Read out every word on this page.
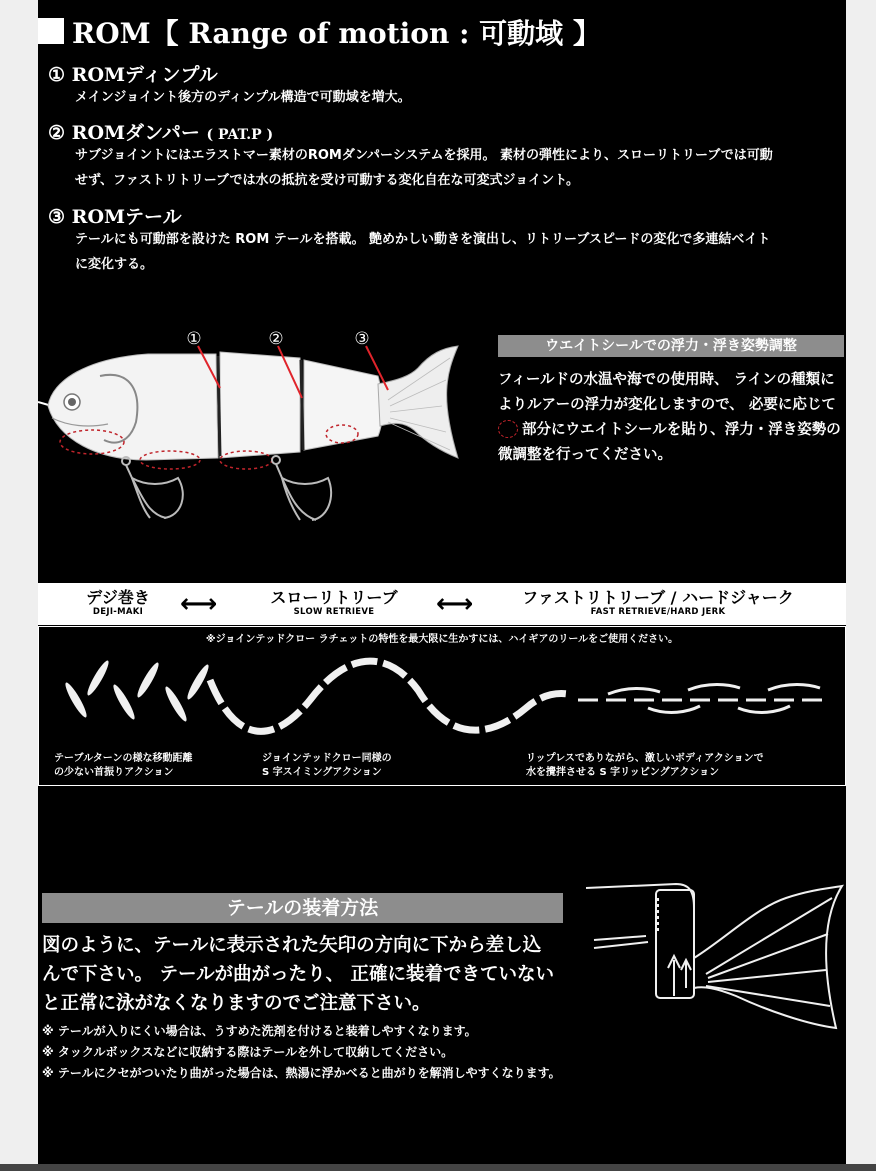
ROM【 Range of motion : 可動域 】
① ROMディンプル
メインジョイント後方のディンプル構造で可動域を増大。
② ROMダンパー ( PAT.P )
サブジョイントにはエラストマー素材のROMダンパーシステムを採用。 素材の弾性により、スローリトリーブでは可動
せず、ファストリトリーブでは水の抵抗を受け可動する変化自在な可変式ジョイント。
③ ROMテール
テールにも可動部を設けた ROM テールを搭載。 艶めかしい動きを演出し、リトリーブスピードの変化で多連結ベイト
に変化する。
①	②	③	ウエイトシールでの浮力・浮き姿勢調整
フィールドの水温や海での使用時、 ラインの種類に
よりルアーの浮力が変化しますので、 必要に応じて
部分にウエイトシールを貼り、浮力・浮き姿勢の
微調整を行ってください。
デジ巻き
DEJI-MAKI	⟷	スローリトリーブ
SLOW RETRIEVE	⟷	ファストリトリーブ / ハードジャーク
FAST RETRIEVE/HARD JERK
※ジョインテッドクロー ラチェットの特性を最大限に生かすには、ハイギアのリールをご使用ください。
テーブルターンの様な移動距離
の少ない首振りアクション
ジョインテッドクロー同様の
S 字スイミングアクション
リップレスでありながら、激しいボディアクションで
水を攪拌させる S 字リッピングアクション
テールの装着方法
図のように、テールに表示された矢印の方向に下から差し込
んで下さい。 テールが曲がったり、 正確に装着できていない
と正常に泳がなくなりますのでご注意下さい。
※ テールが入りにくい場合は、うすめた洗剤を付けると装着しやすくなります。
※ タックルボックスなどに収納する際はテールを外して収納してください。
※ テールにクセがついたり曲がった場合は、熱湯に浮かべると曲がりを解消しやすくなります。
